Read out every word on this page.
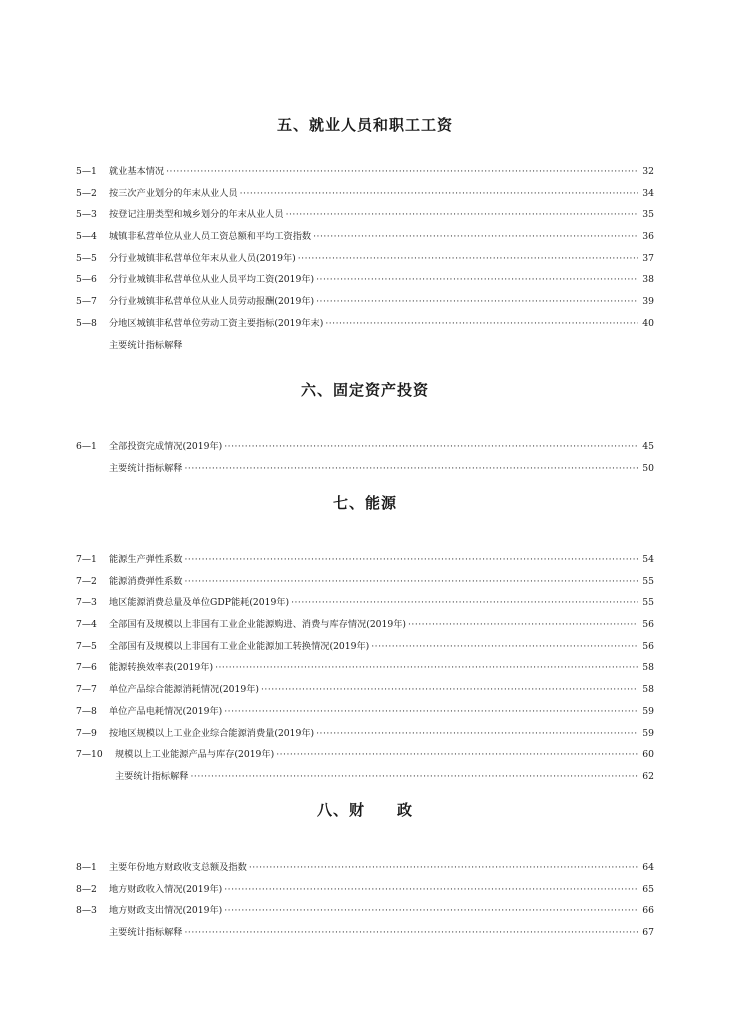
五、就业人员和职工工资
5—1 就业基本情况 ·····	32
5—2 按三次产业划分的年末从业人员 ·····	34
5—3 按登记注册类型和城乡划分的年末从业人员 ·····	35
5—4 城镇非私营单位从业人员工资总额和平均工资指数 ·····	36
5—5 分行业城镇非私营单位年末从业人员(2019年) ·····	37
5—6 分行业城镇非私营单位从业人员平均工资(2019年) ·····	38
5—7 分行业城镇非私营单位从业人员劳动报酬(2019年) ·····	39
5—8 分地区城镇非私营单位劳动工资主要指标(2019年末) ·····	40
主要统计指标解释
六、固定资产投资
6—1 全部投资完成情况(2019年) ·····	45
主要统计指标解释 ·····	50
七、能源
7—1 能源生产弹性系数 ·····	54
7—2 能源消费弹性系数 ·····	55
7—3 地区能源消费总量及单位GDP能耗(2019年) ·····	55
7—4 全部国有及规模以上非国有工业企业能源购进、消费与库存情况(2019年) ·····	56
7—5 全部国有及规模以上非国有工业企业能源加工转换情况(2019年) ·····	56
7—6 能源转换效率表(2019年) ·····	58
7—7 单位产品综合能源消耗情况(2019年) ·····	58
7—8 单位产品电耗情况(2019年) ·····	59
7—9 按地区规模以上工业企业综合能源消费量(2019年) ·····	59
7—10 规模以上工业能源产品与库存(2019年) ·····	60
主要统计指标解释 ·····	62
八、财　　政
8—1 主要年份地方财政收支总额及指数 ·····	64
8—2 地方财政收入情况(2019年) ·····	65
8—3 地方财政支出情况(2019年) ·····	66
主要统计指标解释 ·····	67
